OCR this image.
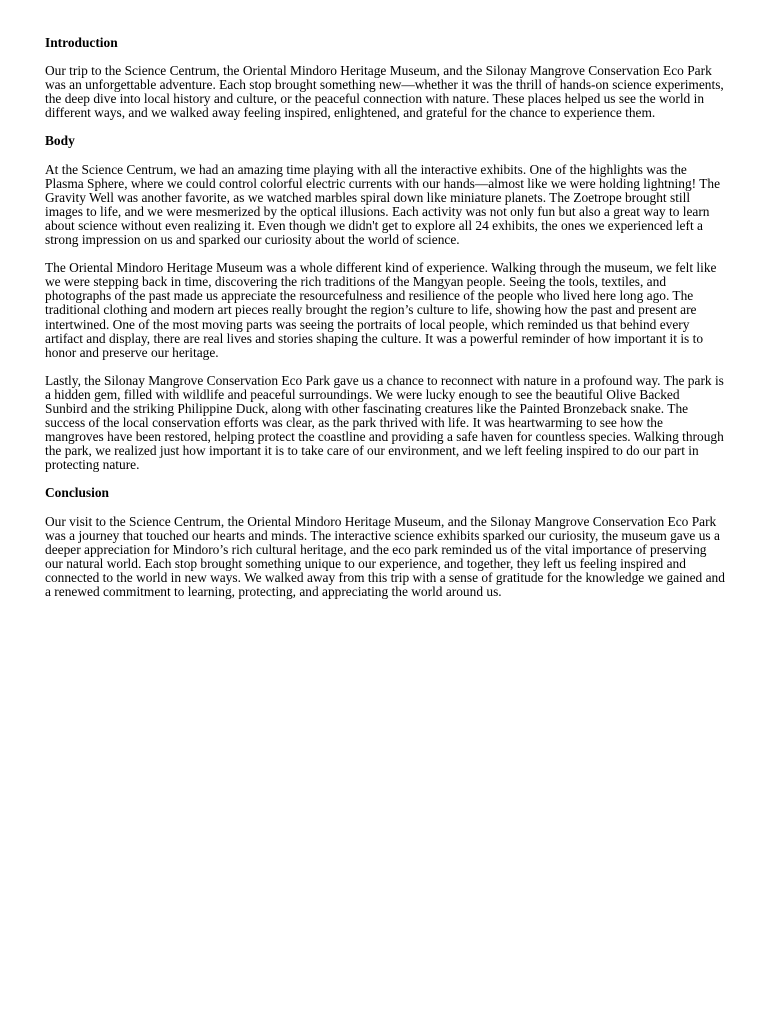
Introduction

Our trip to the Science Centrum, the Oriental Mindoro Heritage Museum, and the Silonay Mangrove Conservation Eco Park was an unforgettable adventure. Each stop brought something new—whether it was the thrill of hands-on science experiments, the deep dive into local history and culture, or the peaceful connection with nature. These places helped us see the world in different ways, and we walked away feeling inspired, enlightened, and grateful for the chance to experience them.

Body

At the Science Centrum, we had an amazing time playing with all the interactive exhibits. One of the highlights was the Plasma Sphere, where we could control colorful electric currents with our hands—almost like we were holding lightning! The Gravity Well was another favorite, as we watched marbles spiral down like miniature planets. The Zoetrope brought still images to life, and we were mesmerized by the optical illusions. Each activity was not only fun but also a great way to learn about science without even realizing it. Even though we didn't get to explore all 24 exhibits, the ones we experienced left a strong impression on us and sparked our curiosity about the world of science.

The Oriental Mindoro Heritage Museum was a whole different kind of experience. Walking through the museum, we felt like we were stepping back in time, discovering the rich traditions of the Mangyan people. Seeing the tools, textiles, and photographs of the past made us appreciate the resourcefulness and resilience of the people who lived here long ago. The traditional clothing and modern art pieces really brought the region’s culture to life, showing how the past and present are intertwined. One of the most moving parts was seeing the portraits of local people, which reminded us that behind every artifact and display, there are real lives and stories shaping the culture. It was a powerful reminder of how important it is to honor and preserve our heritage.

Lastly, the Silonay Mangrove Conservation Eco Park gave us a chance to reconnect with nature in a profound way. The park is a hidden gem, filled with wildlife and peaceful surroundings. We were lucky enough to see the beautiful Olive Backed Sunbird and the striking Philippine Duck, along with other fascinating creatures like the Painted Bronzeback snake. The success of the local conservation efforts was clear, as the park thrived with life. It was heartwarming to see how the mangroves have been restored, helping protect the coastline and providing a safe haven for countless species. Walking through the park, we realized just how important it is to take care of our environment, and we left feeling inspired to do our part in protecting nature.

Conclusion

Our visit to the Science Centrum, the Oriental Mindoro Heritage Museum, and the Silonay Mangrove Conservation Eco Park was a journey that touched our hearts and minds. The interactive science exhibits sparked our curiosity, the museum gave us a deeper appreciation for Mindoro’s rich cultural heritage, and the eco park reminded us of the vital importance of preserving our natural world. Each stop brought something unique to our experience, and together, they left us feeling inspired and connected to the world in new ways. We walked away from this trip with a sense of gratitude for the knowledge we gained and a renewed commitment to learning, protecting, and appreciating the world around us.
